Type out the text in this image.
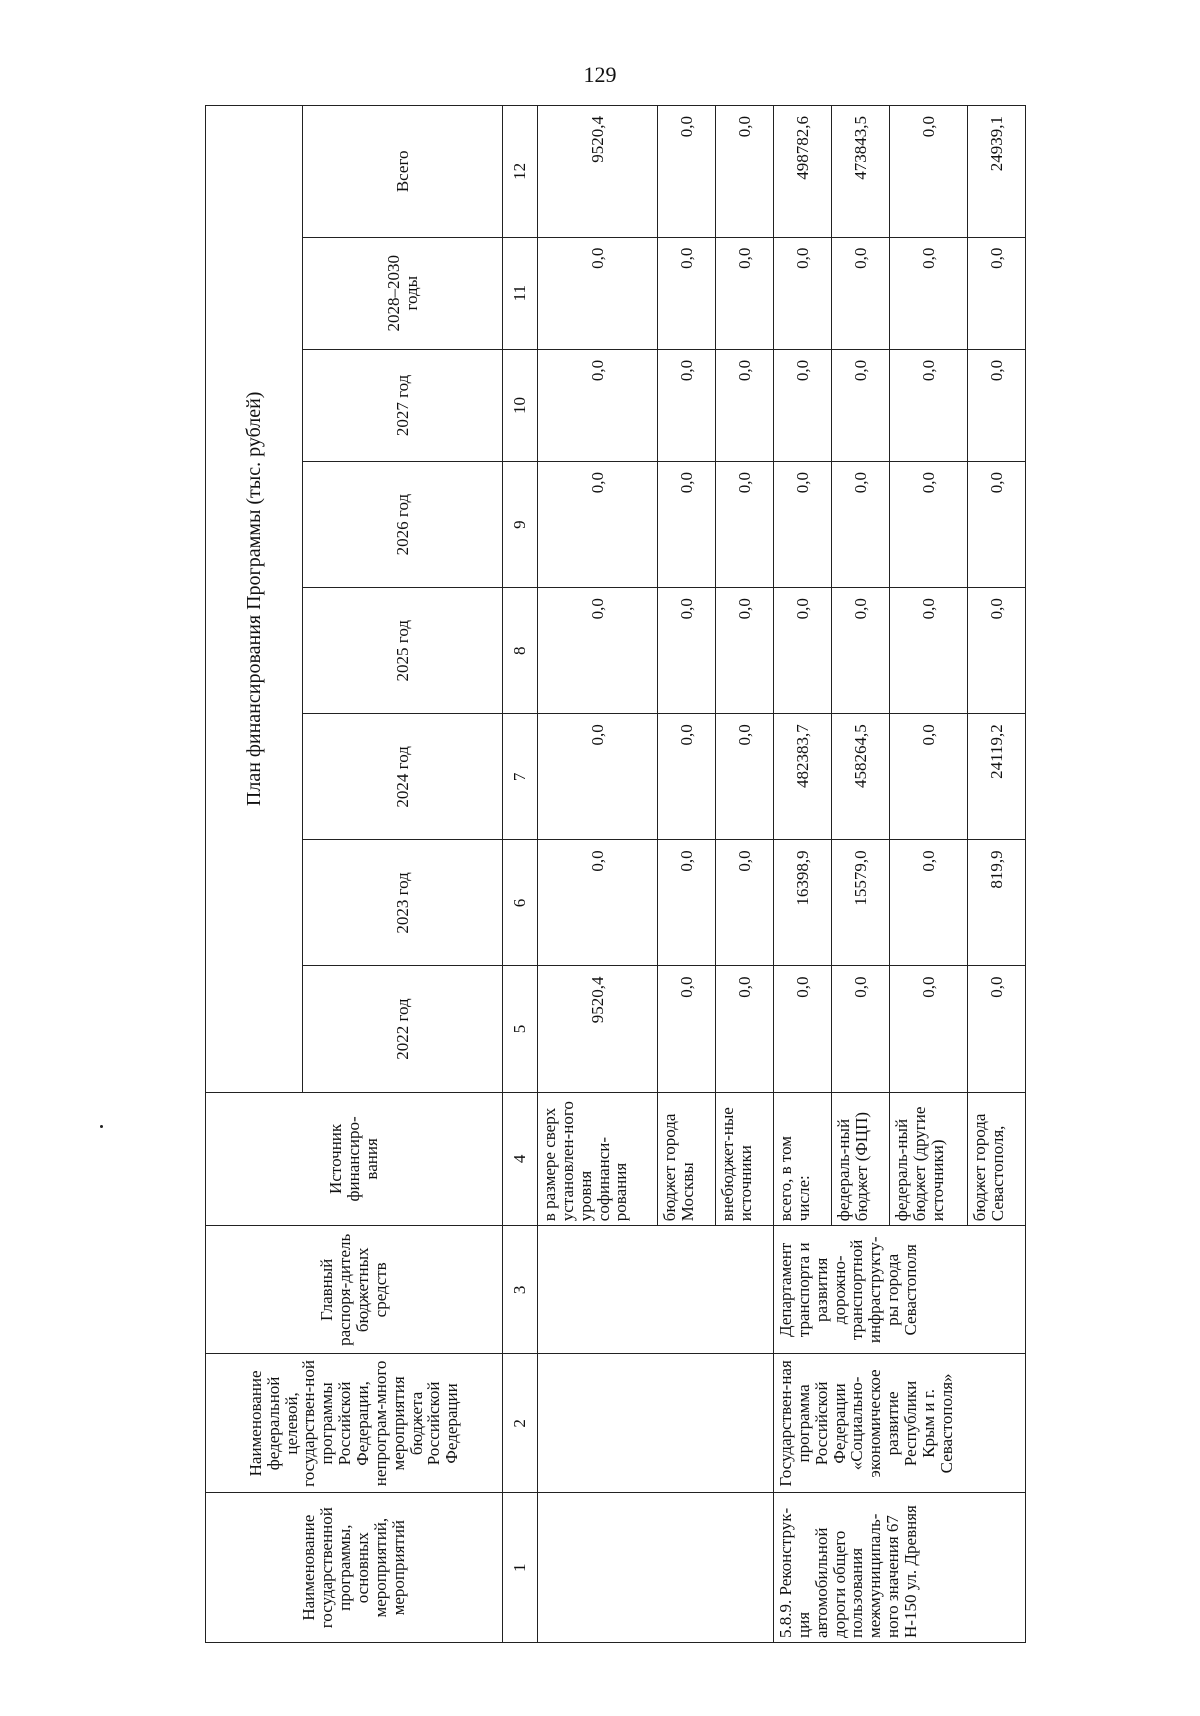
129
Наименование государственной программы, основных мероприятий, мероприятий	Наименование федеральной целевой, государствен-ной программы Российской Федерации, непрограм-много мероприятия бюджета Российской Федерации	Главный распоря-дитель бюджетных средств	Источник финансиро-вания	План финансирования Программы (тыс. рублей)							
				2022 год	2023 год	2024 год	2025 год	2026 год	2027 год	2028–2030 годы	Всего
1	2	3	4	5	6	7	8	9	10	11	12
			в размере сверх установлен-ного уровня софинанси-рования	9520,4	0,0	0,0	0,0	0,0	0,0	0,0	9520,4
			бюджет города Москвы	0,0	0,0	0,0	0,0	0,0	0,0	0,0	0,0
			внебюджет-ные источники	0,0	0,0	0,0	0,0	0,0	0,0	0,0	0,0
5.8.9. Реконструк-ция автомобильной дороги общего пользования межмуниципаль-ного значения 67 Н-150 ул. Древняя	Государствен-ная программа Российской Федерации «Социально-экономическое развитие Республики Крым и г. Севастополя»	Департамент транспорта и развития дорожно-транспортной инфраструкту-ры города Севастополя	всего, в том числе:	0,0	16398,9	482383,7	0,0	0,0	0,0	0,0	498782,6
			федераль-ный бюджет (ФЦП)	0,0	15579,0	458264,5	0,0	0,0	0,0	0,0	473843,5
			федераль-ный бюджет (другие источники)	0,0	0,0	0,0	0,0	0,0	0,0	0,0	0,0
			бюджет города Севастополя,	0,0	819,9	24119,2	0,0	0,0	0,0	0,0	24939,1
